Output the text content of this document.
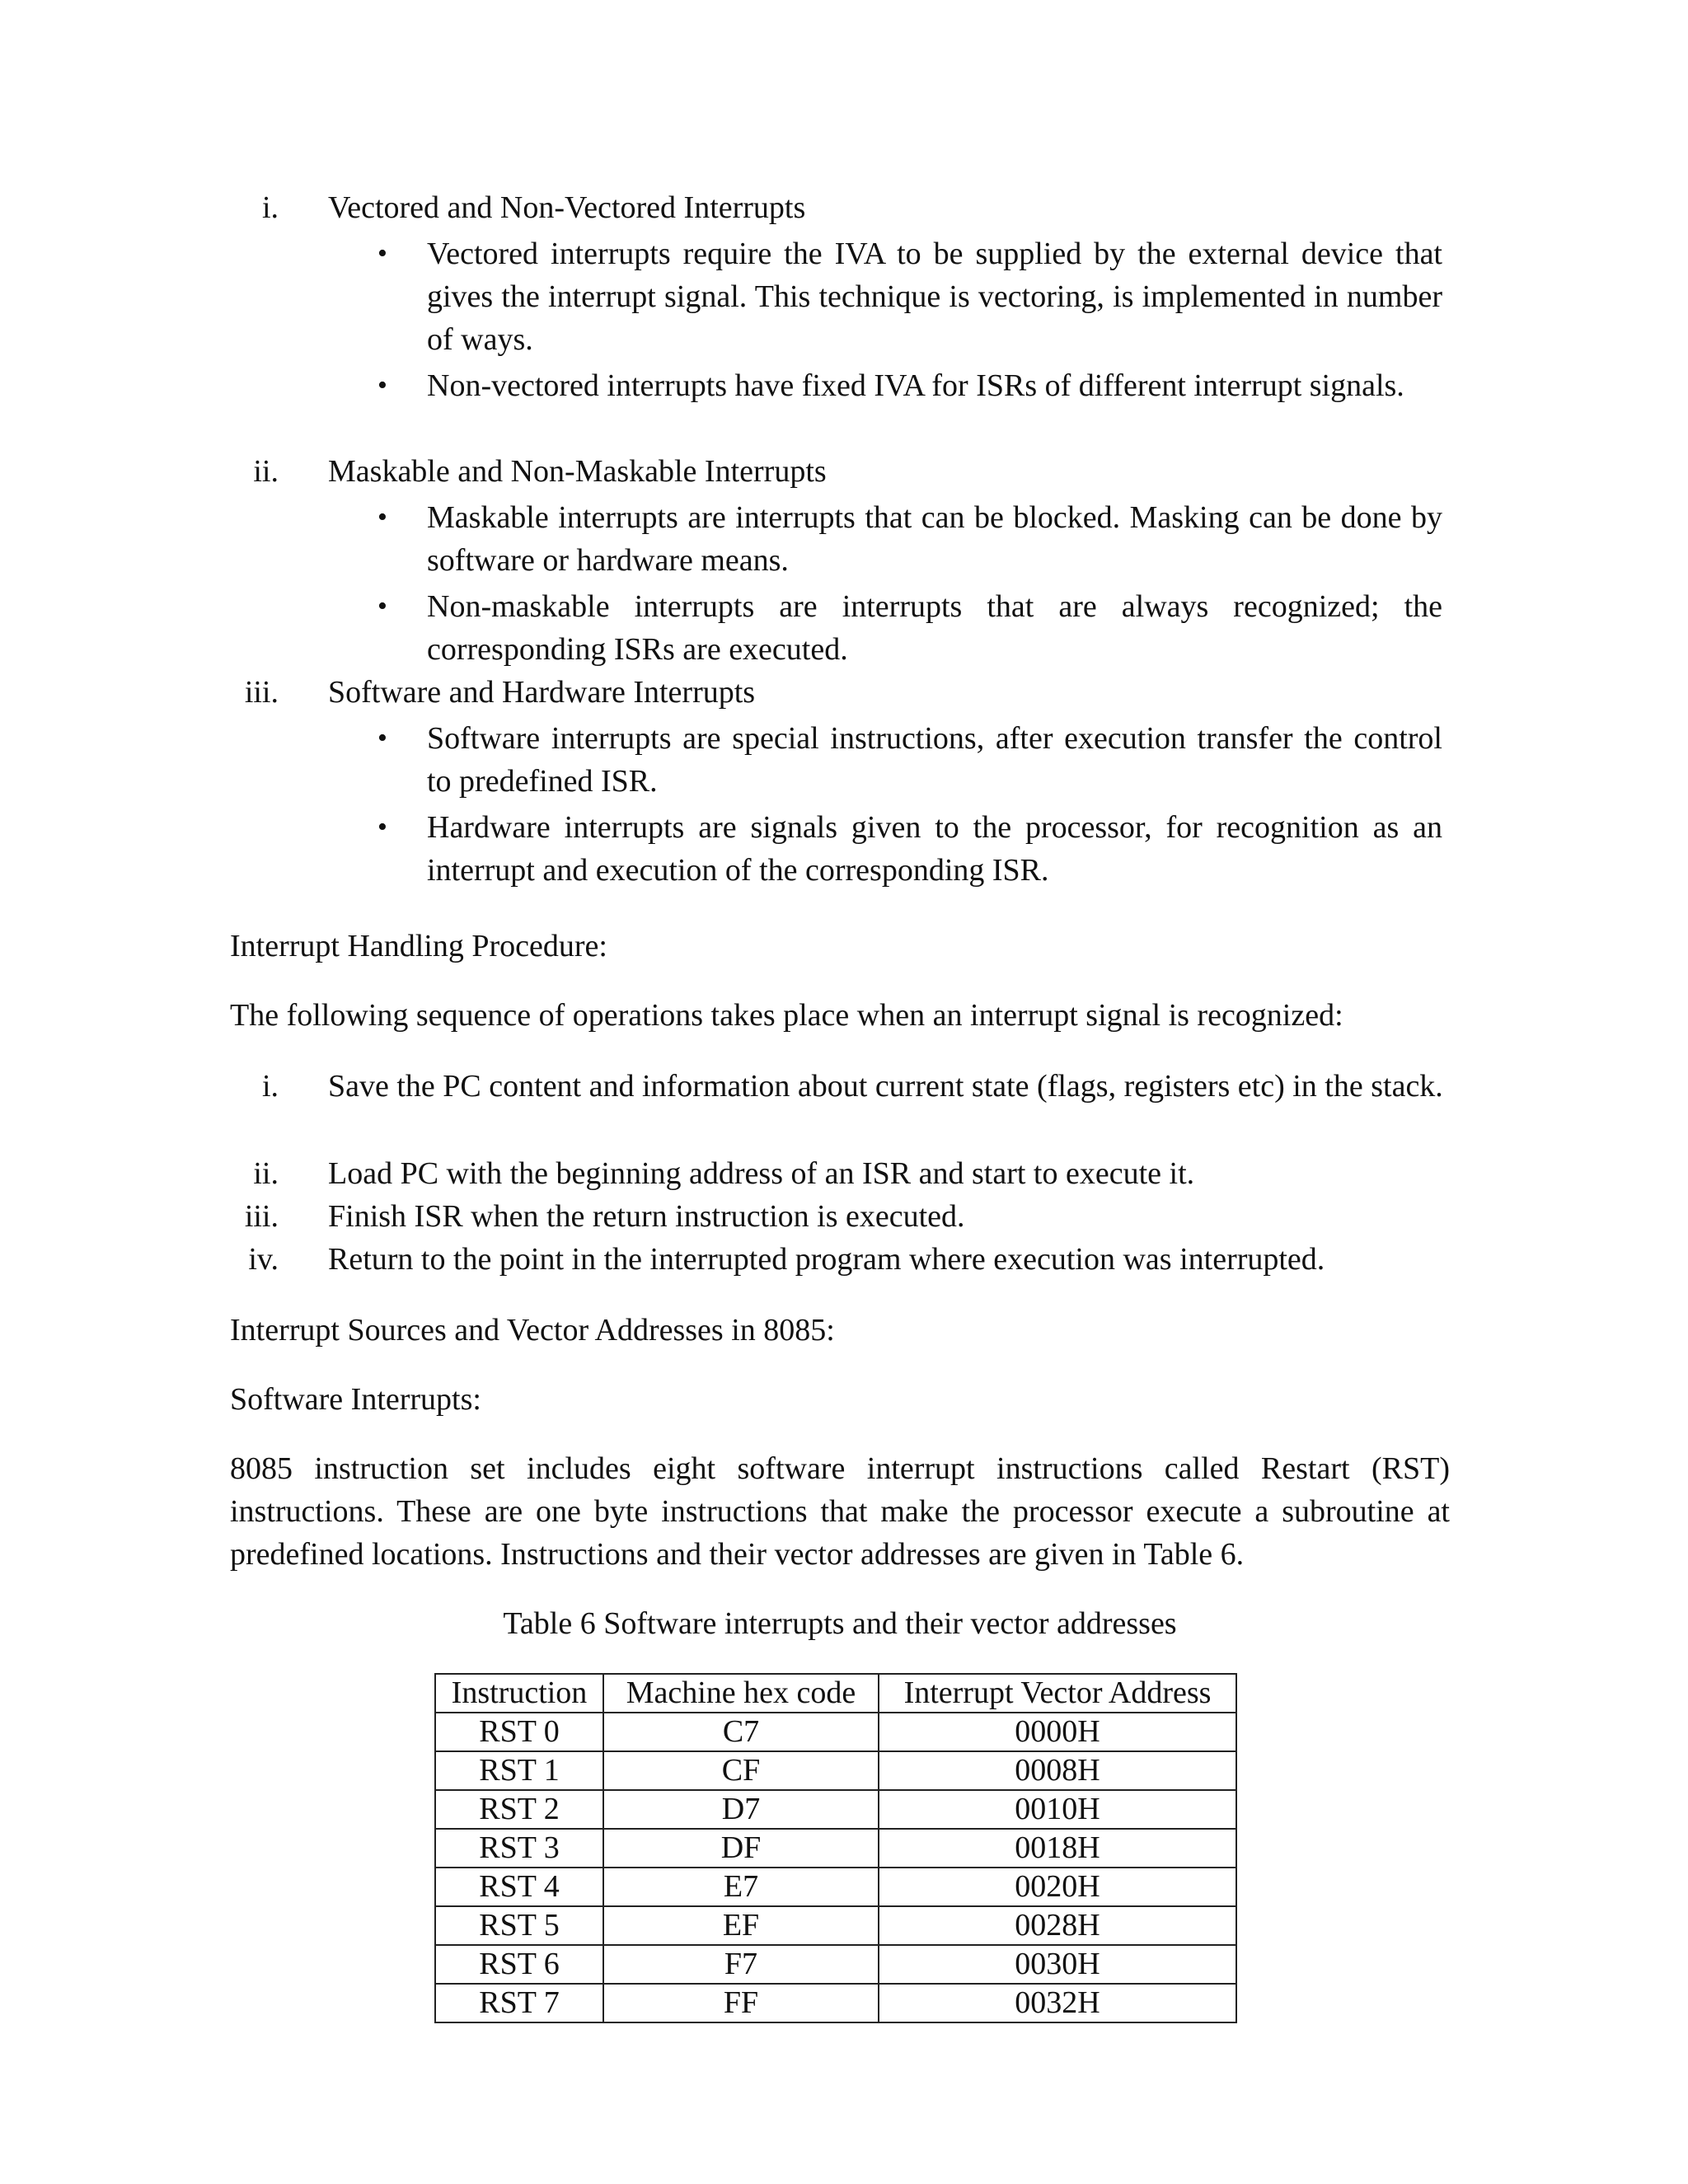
i. Vectored and Non-Vectored Interrupts
• Vectored interrupts require the IVA to be supplied by the external device that gives the interrupt signal. This technique is vectoring, is implemented in number of ways.
• Non-vectored interrupts have fixed IVA for ISRs of different interrupt signals.
ii. Maskable and Non-Maskable Interrupts
• Maskable interrupts are interrupts that can be blocked. Masking can be done by software or hardware means.
• Non-maskable interrupts are interrupts that are always recognized; the corresponding ISRs are executed.
iii. Software and Hardware Interrupts
• Software interrupts are special instructions, after execution transfer the control to predefined ISR.
• Hardware interrupts are signals given to the processor, for recognition as an interrupt and execution of the corresponding ISR.
Interrupt Handling Procedure:
The following sequence of operations takes place when an interrupt signal is recognized:
i. Save the PC content and information about current state (flags, registers etc) in the stack.
ii. Load PC with the beginning address of an ISR and start to execute it.
iii. Finish ISR when the return instruction is executed.
iv. Return to the point in the interrupted program where execution was interrupted.
Interrupt Sources and Vector Addresses in 8085:
Software Interrupts:
8085 instruction set includes eight software interrupt instructions called Restart (RST) instructions. These are one byte instructions that make the processor execute a subroutine at predefined locations. Instructions and their vector addresses are given in Table 6.
Table 6 Software interrupts and their vector addresses
Instruction	Machine hex code	Interrupt Vector Address
RST 0	C7	0000H
RST 1	CF	0008H
RST 2	D7	0010H
RST 3	DF	0018H
RST 4	E7	0020H
RST 5	EF	0028H
RST 6	F7	0030H
RST 7	FF	0032H
